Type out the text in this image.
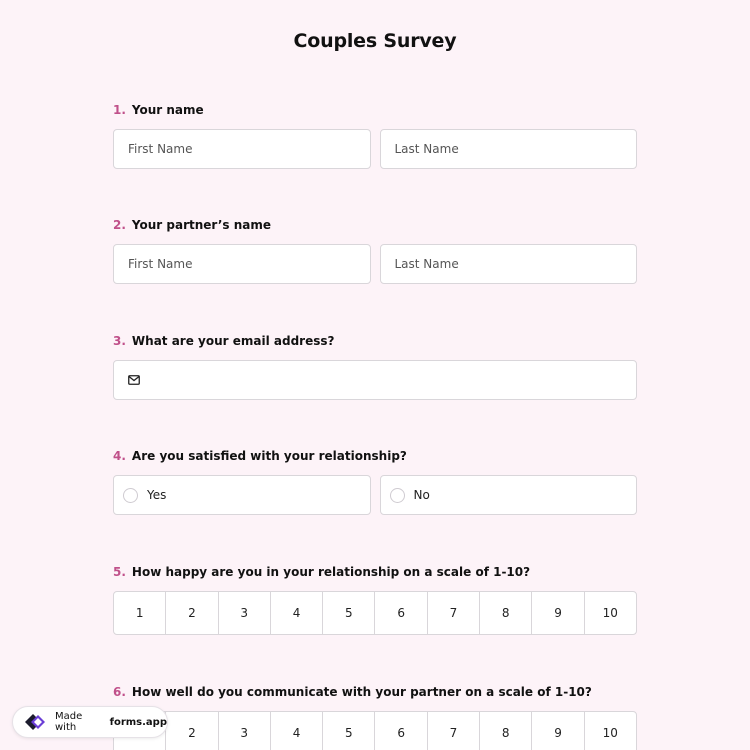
Couples Survey
1. Your name
First Name	Last Name
2. Your partner’s name
First Name	Last Name
3. What are your email address?
4. Are you satisfied with your relationship?
Yes	No
5. How happy are you in your relationship on a scale of 1-10?
1	2	3	4	5	6	7	8	9	10
6. How well do you communicate with your partner on a scale of 1-10?
2	3	4	5	6	7	8	9	10
Made with	forms.app
